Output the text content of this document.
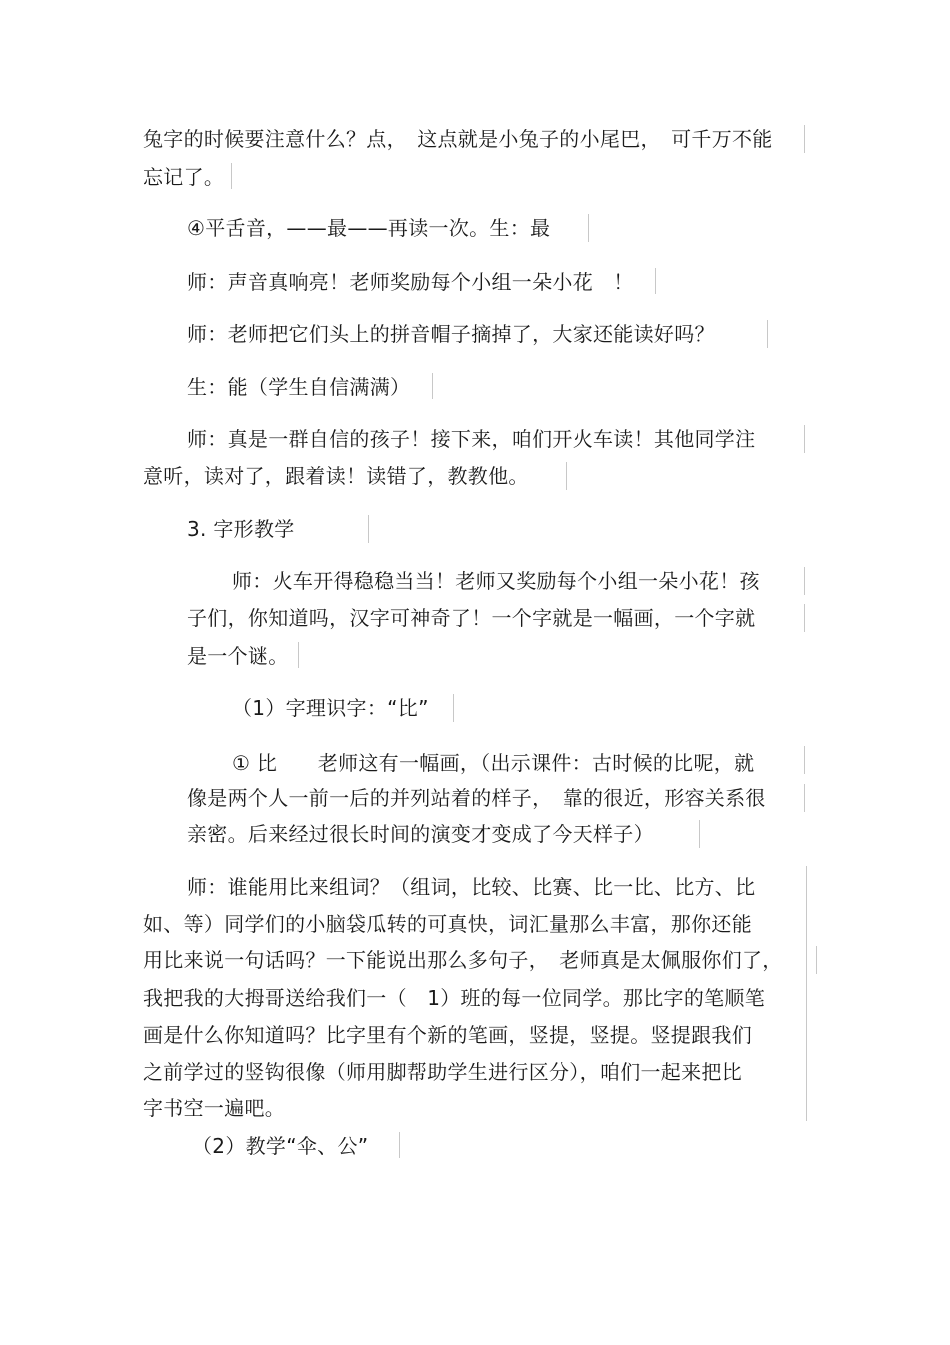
兔字的时候要注意什么？点，　这点就是小兔子的小尾巴，　可千万不能

忘记了。

④平舌音，——最——再读一次。生：最

师：声音真响亮！老师奖励每个小组一朵小花　！

师：老师把它们头上的拼音帽子摘掉了，大家还能读好吗？

生：能（学生自信满满）

师：真是一群自信的孩子！接下来，咱们开火车读！其他同学注

意听，读对了，跟着读！读错了，教教他。

3. 字形教学

师：火车开得稳稳当当！老师又奖励每个小组一朵小花！孩

子们，你知道吗，汉字可神奇了！一个字就是一幅画，一个字就

是一个谜。

（1）字理识字：“比”

① 比　　老师这有一幅画，（出示课件：古时候的比呢，就

像是两个人一前一后的并列站着的样子，　靠的很近，形容关系很

亲密。后来经过很长时间的演变才变成了今天样子）

师：谁能用比来组词？（组词，比较、比赛、比一比、比方、比

如、等）同学们的小脑袋瓜转的可真快，词汇量那么丰富，那你还能

用比来说一句话吗？一下能说出那么多句子，　老师真是太佩服你们了，

我把我的大拇哥送给我们一（　1）班的每一位同学。那比字的笔顺笔

画是什么你知道吗？比字里有个新的笔画，竖提，竖提。竖提跟我们

之前学过的竖钩很像（师用脚帮助学生进行区分），咱们一起来把比

字书空一遍吧。

（2）教学“伞、公”
